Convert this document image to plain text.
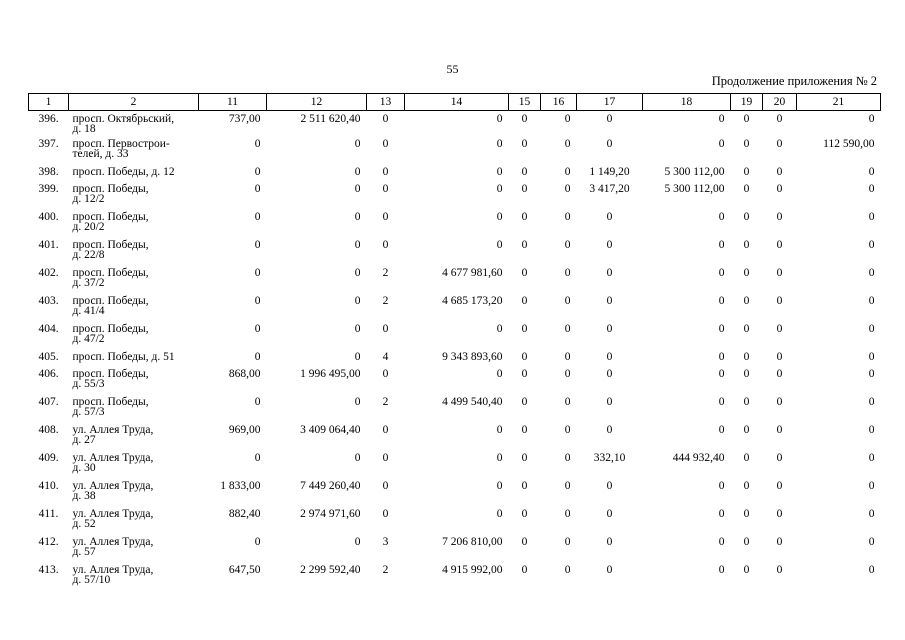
55
Продолжение приложения № 2
1	2	11	12	13	14	15	16	17	18	19	20	21
396.	просп. Октябрьский,
д. 18	737,00	2 511 620,40	0	0	0	0	0	0	0	0	0
397.	просп. Первострои-
телей, д. 33	0	0	0	0	0	0	0	0	0	0	112 590,00
398.	просп. Победы, д. 12	0	0	0	0	0	0	1 149,20	5 300 112,00	0	0	0
399.	просп. Победы,
д. 12/2	0	0	0	0	0	0	3 417,20	5 300 112,00	0	0	0
400.	просп. Победы,
д. 20/2	0	0	0	0	0	0	0	0	0	0	0
401.	просп. Победы,
д. 22/8	0	0	0	0	0	0	0	0	0	0	0
402.	просп. Победы,
д. 37/2	0	0	2	4 677 981,60	0	0	0	0	0	0	0
403.	просп. Победы,
д. 41/4	0	0	2	4 685 173,20	0	0	0	0	0	0	0
404.	просп. Победы,
д. 47/2	0	0	0	0	0	0	0	0	0	0	0
405.	просп. Победы, д. 51	0	0	4	9 343 893,60	0	0	0	0	0	0	0
406.	просп. Победы,
д. 55/3	868,00	1 996 495,00	0	0	0	0	0	0	0	0	0
407.	просп. Победы,
д. 57/3	0	0	2	4 499 540,40	0	0	0	0	0	0	0
408.	ул. Аллея Труда,
д. 27	969,00	3 409 064,40	0	0	0	0	0	0	0	0	0
409.	ул. Аллея Труда,
д. 30	0	0	0	0	0	0	332,10	444 932,40	0	0	0
410.	ул. Аллея Труда,
д. 38	1 833,00	7 449 260,40	0	0	0	0	0	0	0	0	0
411.	ул. Аллея Труда,
д. 52	882,40	2 974 971,60	0	0	0	0	0	0	0	0	0
412.	ул. Аллея Труда,
д. 57	0	0	3	7 206 810,00	0	0	0	0	0	0	0
413.	ул. Аллея Труда,
д. 57/10	647,50	2 299 592,40	2	4 915 992,00	0	0	0	0	0	0	0
